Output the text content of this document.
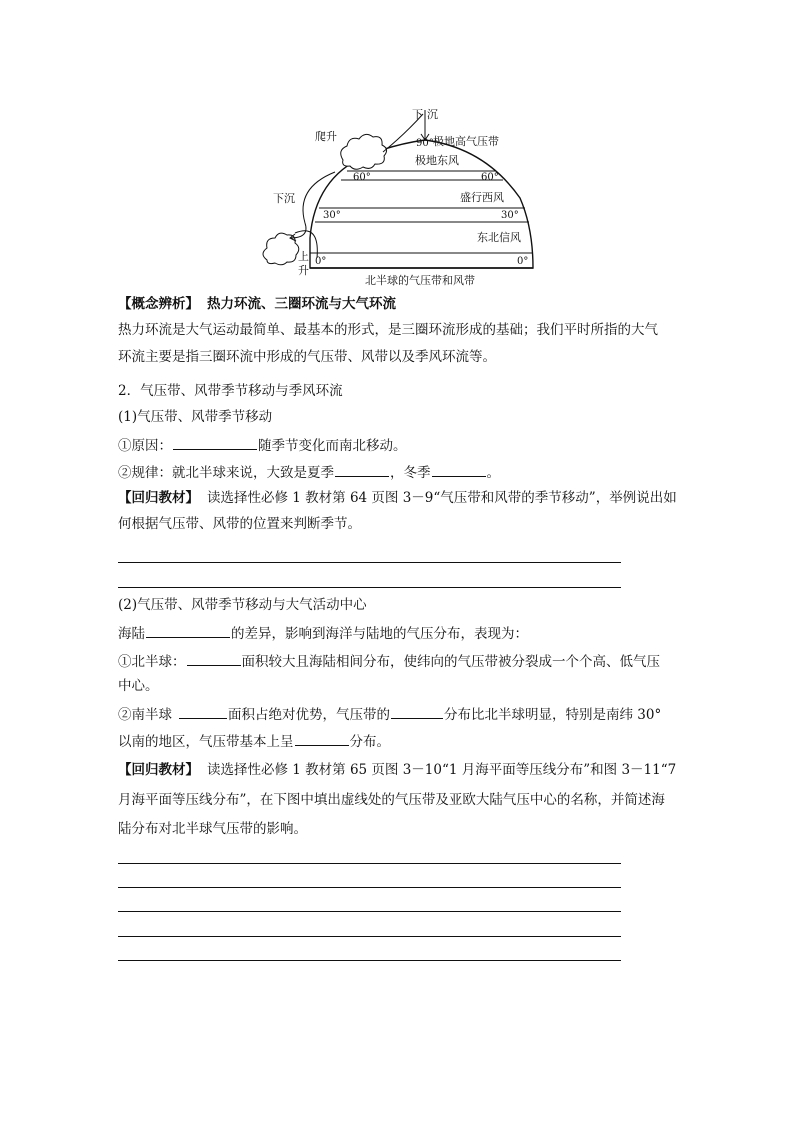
下 沉
爬升
90° 极地高气压带
极地东风
60°	60°
盛行西风
下沉
30°	30°
东北信风
上 0°	0°
升
北半球的气压带和风带
【概念辨析】 热力环流、三圈环流与大气环流
热力环流是大气运动最简单、最基本的形式，是三圈环流形成的基础；我们平时所指的大气
环流主要是指三圈环流中形成的气压带、风带以及季风环流等。
2．气压带、风带季节移动与季风环流
(1)气压带、风带季节移动
①原因：	随季节变化而南北移动。
②规律：就北半球来说，大致是夏季	，冬季	。
【回归教材】 读选择性必修 1 教材第 64 页图 3－9“气压带和风带的季节移动”，举例说出如
何根据气压带、风带的位置来判断季节。
(2)气压带、风带季节移动与大气活动中心
海陆	的差异，影响到海洋与陆地的气压分布，表现为：
①北半球：	面积较大且海陆相间分布，使纬向的气压带被分裂成一个个高、低气压
中心。
②南半球	面积占绝对优势，气压带的	分布比北半球明显，特别是南纬 30°
以南的地区，气压带基本上呈	分布。
【回归教材】 读选择性必修 1 教材第 65 页图 3－10“1 月海平面等压线分布”和图 3－11“7
月海平面等压线分布”，在下图中填出虚线处的气压带及亚欧大陆气压中心的名称，并简述海
陆分布对北半球气压带的影响。
